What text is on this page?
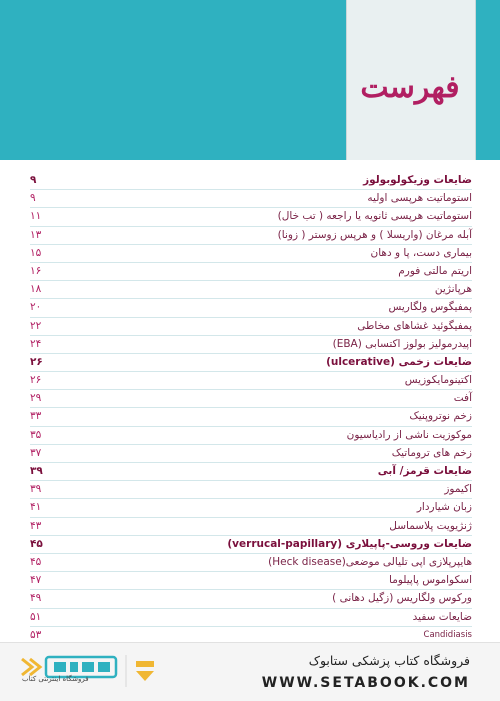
فهرست
ضایعات وزیکولوبولوز
۹
استوماتیت هرپسی اولیه
۹
استوماتیت هرپسی ثانویه یا راجعه ( تب خال)
۱۱
آبله مرغان (واریسلا ) و هرپس زوستر ( زونا)
۱۳
بیماری دست، پا و دهان
۱۵
اریتم مالتی فورم
۱۶
هرپانژین
۱۸
پمفیگوس ولگاریس
۲۰
پمفیگوئید غشاهای مخاطی
۲۲
اپیدرمولیز بولوز اکتسابی (EBA)
۲۴
ضایعات زخمی (ulcerative)
۲۶
اکتینومایکوزیس
۲۶
آفت
۲۹
زخم نوتروپنیک
۳۳
موکوزیت ناشی از رادیاسیون
۳۵
زخم های تروماتیک
۳۷
ضایعات قرمز/ آبی
۳۹
اکیموز
۳۹
زبان شیاردار
۴۱
ژنژیویت پلاسماسل
۴۳
ضایعات وروسی-پاپیلاری (verrucal-papillary)
۴۵
هایپرپلازی اپی تلیالی موضعی(Heck disease)
۴۵
اسکواموس پاپیلوما
۴۷
ورکوس ولگاریس (زگیل دهانی )
۴۹
ضایعات سفید
۵۱
Candidiasis
۵۳
فروشگاه اینترنتی کتاب
فروشگاه کتاب پزشکی ستابوک
WWW.SETABOOK.COM
